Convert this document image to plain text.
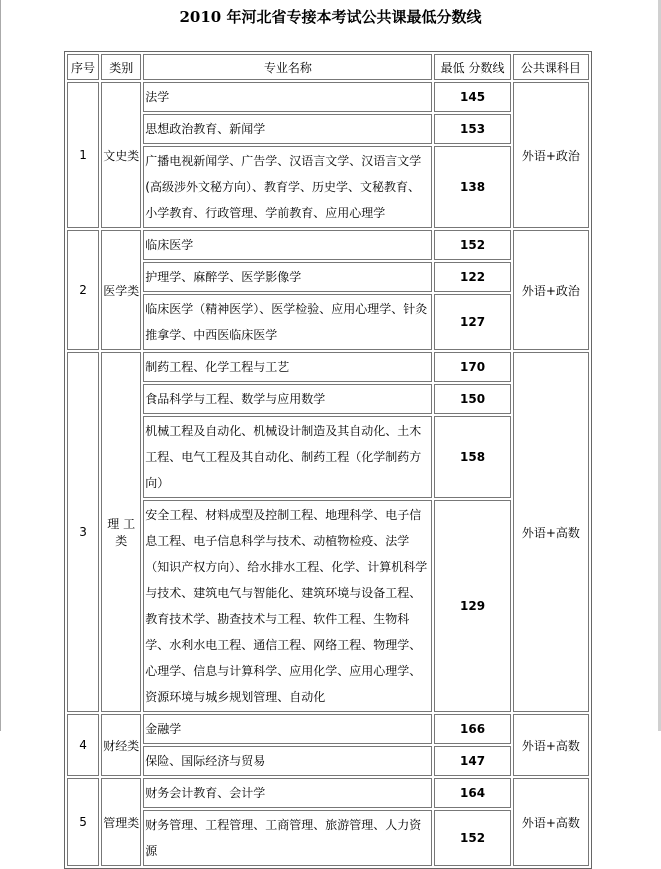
2010 年河北省专接本考试公共课最低分数线
序号	类别	专业名称	最低 分数线	公共课科目
1	文史类	法学	145	外语+政治
		思想政治教育、新闻学	153	
		广播电视新闻学、广告学、汉语言文学、汉语言文学(高级涉外文秘方向）、教育学、历史学、文秘教育、小学教育、行政管理、学前教育、应用心理学	138	
2	医学类	临床医学	152	外语+政治
		护理学、麻醉学、医学影像学	122	
		临床医学（精神医学）、医学检验、应用心理学、针灸推拿学、中西医临床医学	127	
3	理 工类	制药工程、化学工程与工艺	170	外语+高数
		食品科学与工程、数学与应用数学	150	
		机械工程及自动化、机械设计制造及其自动化、土木工程、电气工程及其自动化、制药工程（化学制药方向）	158	
		安全工程、材料成型及控制工程、地理科学、电子信息工程、电子信息科学与技术、动植物检疫、法学（知识产权方向）、给水排水工程、化学、计算机科学与技术、建筑电气与智能化、建筑环境与设备工程、教育技术学、勘查技术与工程、软件工程、生物科学、水利水电工程、通信工程、网络工程、物理学、心理学、信息与计算科学、应用化学、应用心理学、资源环境与城乡规划管理、自动化	129	
4	财经类	金融学	166	外语+高数
		保险、国际经济与贸易	147	
5	管理类	财务会计教育、会计学	164	外语+高数
		财务管理、工程管理、工商管理、旅游管理、人力资源	152	
